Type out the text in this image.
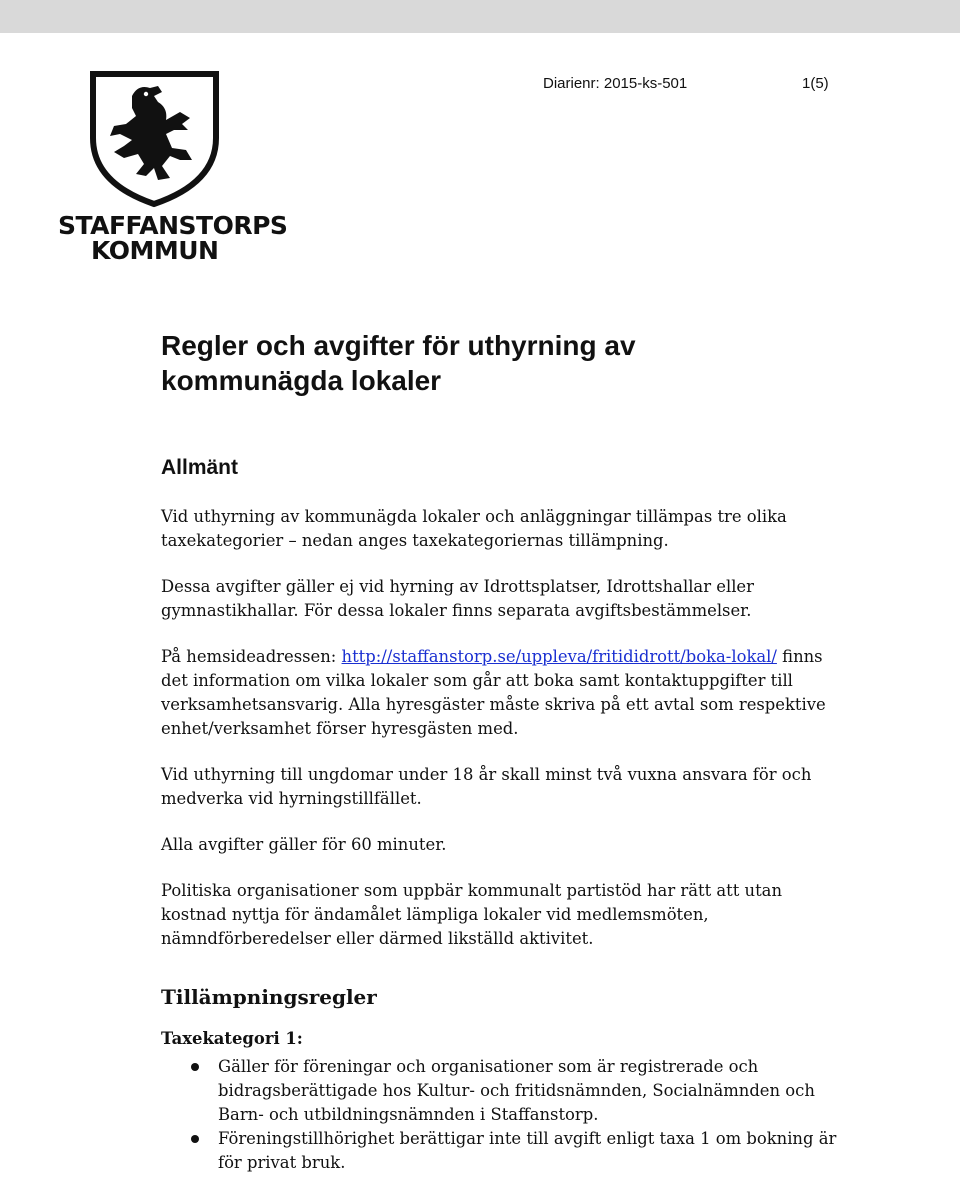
Diarienr: 2015-ks-501	1(5)
STAFFANSTORPS
KOMMUN
Regler och avgifter för uthyrning av
kommunägda lokaler
Allmänt

Vid uthyrning av kommunägda lokaler och anläggningar tillämpas tre olika taxekategorier – nedan anges taxekategoriernas tillämpning.

Dessa avgifter gäller ej vid hyrning av Idrottsplatser, Idrottshallar eller gymnastikhallar. För dessa lokaler finns separata avgiftsbestämmelser.

På hemsideadressen: http://staffanstorp.se/uppleva/fritididrott/boka-lokal/ finns det information om vilka lokaler som går att boka samt kontaktuppgifter till verksamhetsansvarig. Alla hyresgäster måste skriva på ett avtal som respektive enhet/verksamhet förser hyresgästen med.

Vid uthyrning till ungdomar under 18 år skall minst två vuxna ansvara för och medverka vid hyrningstillfället.

Alla avgifter gäller för 60 minuter.

Politiska organisationer som uppbär kommunalt partistöd har rätt att utan kostnad nyttja för ändamålet lämpliga lokaler vid medlemsmöten, nämndförberedelser eller därmed likställd aktivitet.

Tillämpningsregler
Taxekategori 1:
Gäller för föreningar och organisationer som är registrerade och bidragsberättigade hos Kultur- och fritidsnämnden, Socialnämnden och Barn- och utbildningsnämnden i Staffanstorp.
Föreningstillhörighet berättigar inte till avgift enligt taxa 1 om bokning är för privat bruk.
